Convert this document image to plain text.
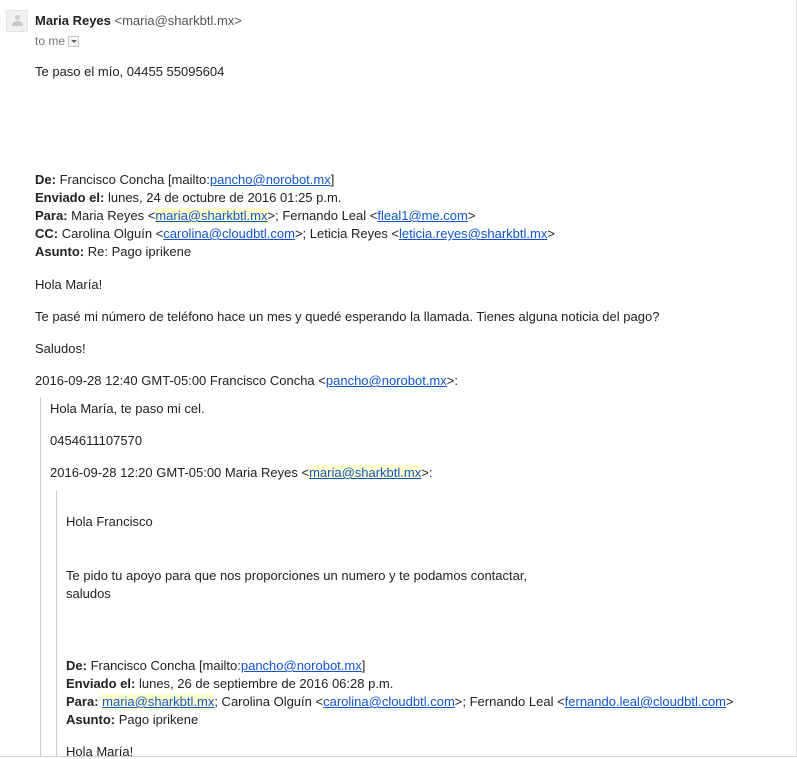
Maria Reyes <maria@sharkbtl.mx>
to me
Te paso el mío, 04455 55095604
De: Francisco Concha [mailto:pancho@norobot.mx]
Enviado el: lunes, 24 de octubre de 2016 01:25 p.m.
Para: Maria Reyes <maria@sharkbtl.mx>; Fernando Leal <fleal1@me.com>
CC: Carolina Olguín <carolina@cloudbtl.com>; Leticia Reyes <leticia.reyes@sharkbtl.mx>
Asunto: Re: Pago iprikene
Hola María!
Te pasé mi número de teléfono hace un mes y quedé esperando la llamada. Tienes alguna noticia del pago?
Saludos!
2016-09-28 12:40 GMT-05:00 Francisco Concha <pancho@norobot.mx>:
Hola María, te paso mi cel.
0454611107570
2016-09-28 12:20 GMT-05:00 Maria Reyes <maria@sharkbtl.mx>:
Hola Francisco
Te pido tu apoyo para que nos proporciones un numero y te podamos contactar,
saludos
De: Francisco Concha [mailto:pancho@norobot.mx]
Enviado el: lunes, 26 de septiembre de 2016 06:28 p.m.
Para: maria@sharkbtl.mx; Carolina Olguín <carolina@cloudbtl.com>; Fernando Leal <fernando.leal@cloudbtl.com>
Asunto: Pago iprikene
Hola María!
